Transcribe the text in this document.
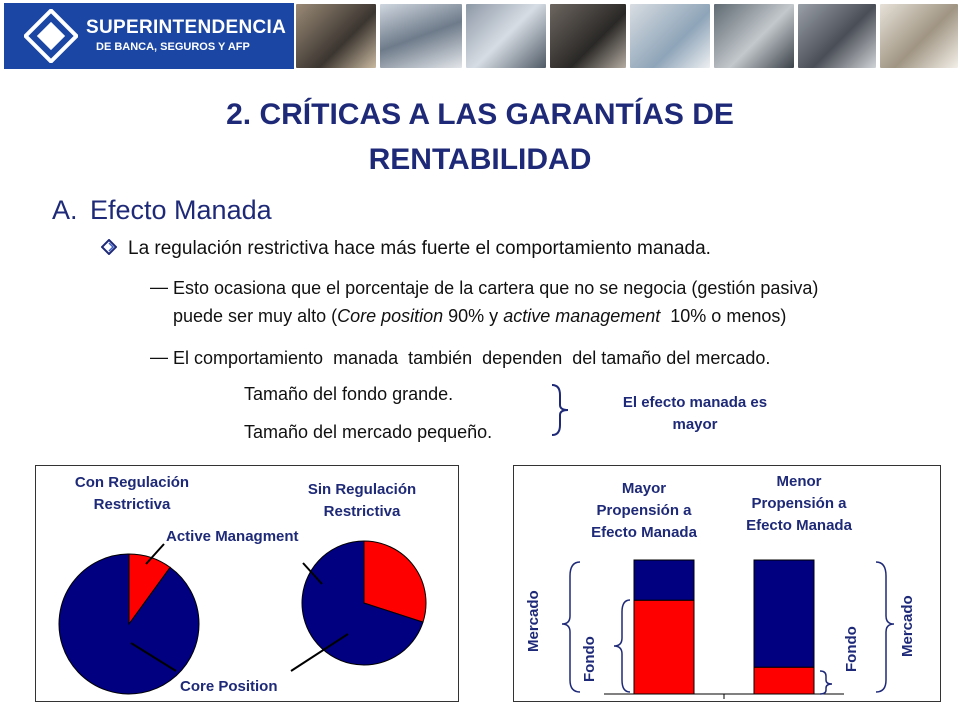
SUPERINTENDENCIA
DE BANCA, SEGUROS Y AFP
2. CRÍTICAS A LAS GARANTÍAS DE
RENTABILIDAD
A. Efecto Manada
La regulación restrictiva hace más fuerte el comportamiento manada.
— Esto ocasiona que el porcentaje de la cartera que no se negocia (gestión pasiva)
puede ser muy alto (Core position 90% y active management  10% o menos)
— El comportamiento  manada  también  dependen  del tamaño del mercado.
Tamaño del fondo grande.
Tamaño del mercado pequeño.
El efecto manada es
mayor
Con Regulación
Restrictiva
Sin Regulación
Restrictiva
Active Managment
Core Position
Mayor
Propensión a
Efecto Manada
Menor
Propensión a
Efecto Manada
Mercado
Fondo	Fondo	Mercado
